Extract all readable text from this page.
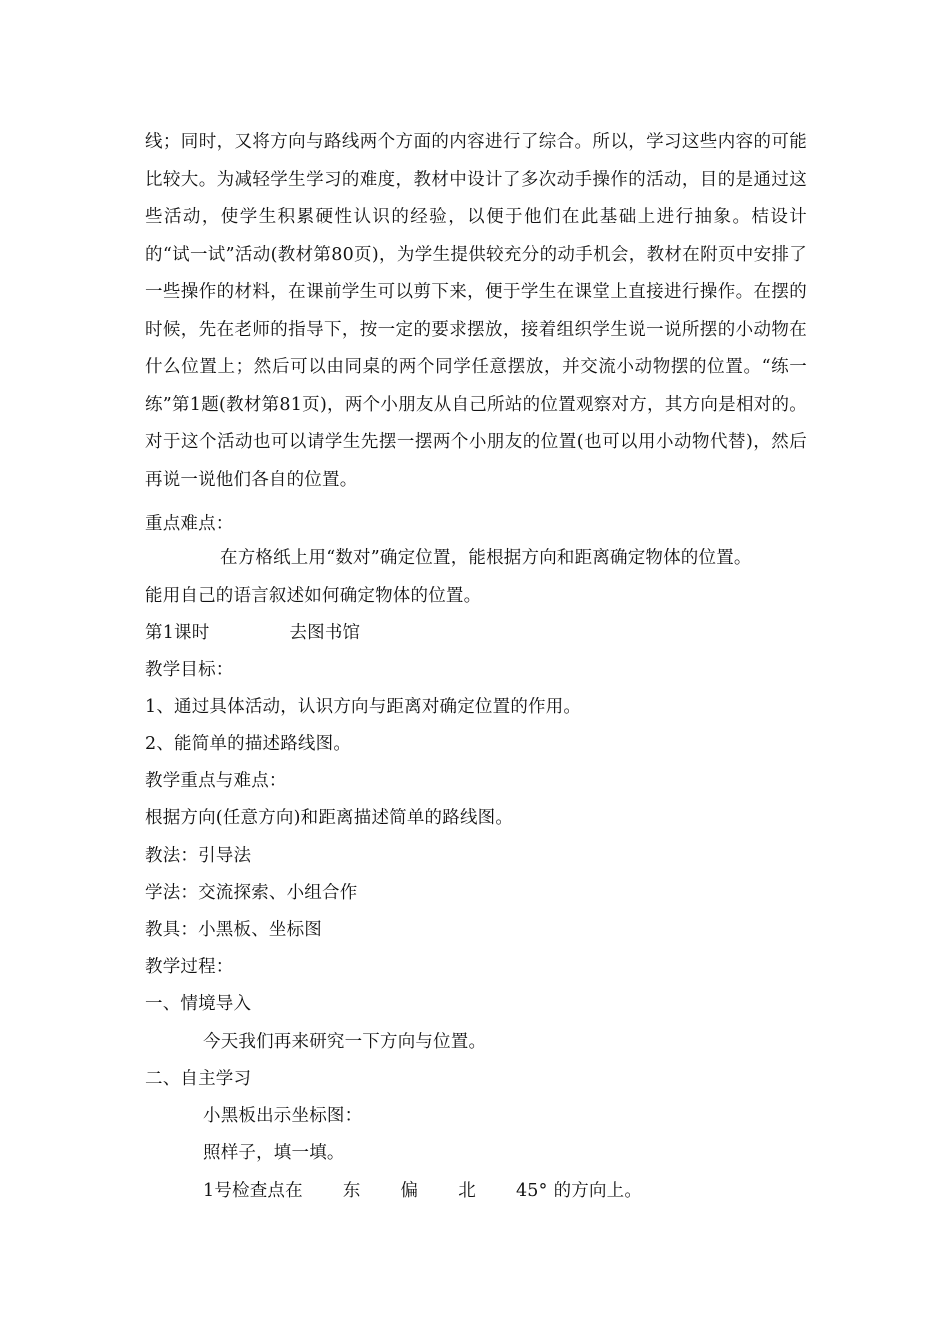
线；同时，又将方向与路线两个方面的内容进行了综合。所以，学习这些内容的可能比较大。为减轻学生学习的难度，教材中设计了多次动手操作的活动，目的是通过这些活动，使学生积累硬性认识的经验，以便于他们在此基础上进行抽象。桔设计的“试一试”活动(教材第80页)，为学生提供较充分的动手机会，教材在附页中安排了一些操作的材料，在课前学生可以剪下来，便于学生在课堂上直接进行操作。在摆的时候，先在老师的指导下，按一定的要求摆放，接着组织学生说一说所摆的小动物在什么位置上；然后可以由同桌的两个同学任意摆放，并交流小动物摆的位置。“练一练”第1题(教材第81页)，两个小朋友从自己所站的位置观察对方，其方向是相对的。对于这个活动也可以请学生先摆一摆两个小朋友的位置(也可以用小动物代替)，然后再说一说他们各自的位置。

重点难点：

在方格纸上用“数对”确定位置，能根据方向和距离确定物体的位置。

能用自己的语言叙述如何确定物体的位置。

第1课时	去图书馆

教学目标：

1、通过具体活动，认识方向与距离对确定位置的作用。

2、能简单的描述路线图。

教学重点与难点：

根据方向(任意方向)和距离描述简单的路线图。

教法：引导法

学法：交流探索、小组合作

教具：小黑板、坐标图

教学过程：

一、情境导入

今天我们再来研究一下方向与位置。

二、自主学习

小黑板出示坐标图：

照样子，填一填。

1号检查点在 东 偏 北 45° 的方向上。
